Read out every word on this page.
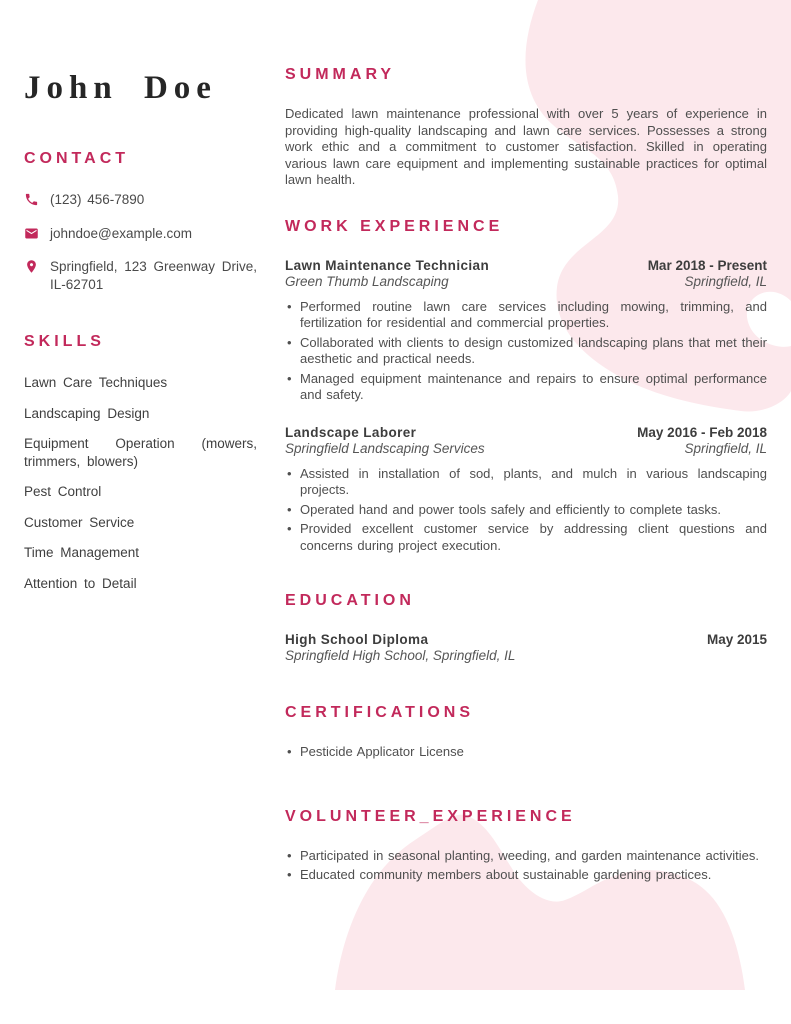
John Doe
CONTACT
(123) 456-7890
johndoe@example.com
Springfield, 123 Greenway Drive, IL-62701
SKILLS
Lawn Care Techniques
Landscaping Design
Equipment Operation (mowers, trimmers, blowers)
Pest Control
Customer Service
Time Management
Attention to Detail
SUMMARY

Dedicated lawn maintenance professional with over 5 years of experience in providing high-quality landscaping and lawn care services. Possesses a strong work ethic and a commitment to customer satisfaction. Skilled in operating various lawn care equipment and implementing sustainable practices for optimal lawn health.

WORK EXPERIENCE
Lawn Maintenance Technician
Green Thumb Landscaping
Mar 2018 - Present
Springfield, IL
• Performed routine lawn care services including mowing, trimming, and fertilization for residential and commercial properties.
• Collaborated with clients to design customized landscaping plans that met their aesthetic and practical needs.
• Managed equipment maintenance and repairs to ensure optimal performance and safety.
Landscape Laborer
Springfield Landscaping Services
May 2016 - Feb 2018
Springfield, IL
• Assisted in installation of sod, plants, and mulch in various landscaping projects.
• Operated hand and power tools safely and efficiently to complete tasks.
• Provided excellent customer service by addressing client questions and concerns during project execution.
EDUCATION
High School Diploma
Springfield High School, Springfield, IL
May 2015
CERTIFICATIONS
• Pesticide Applicator License
VOLUNTEER_EXPERIENCE
• Participated in seasonal planting, weeding, and garden maintenance activities.
• Educated community members about sustainable gardening practices.
